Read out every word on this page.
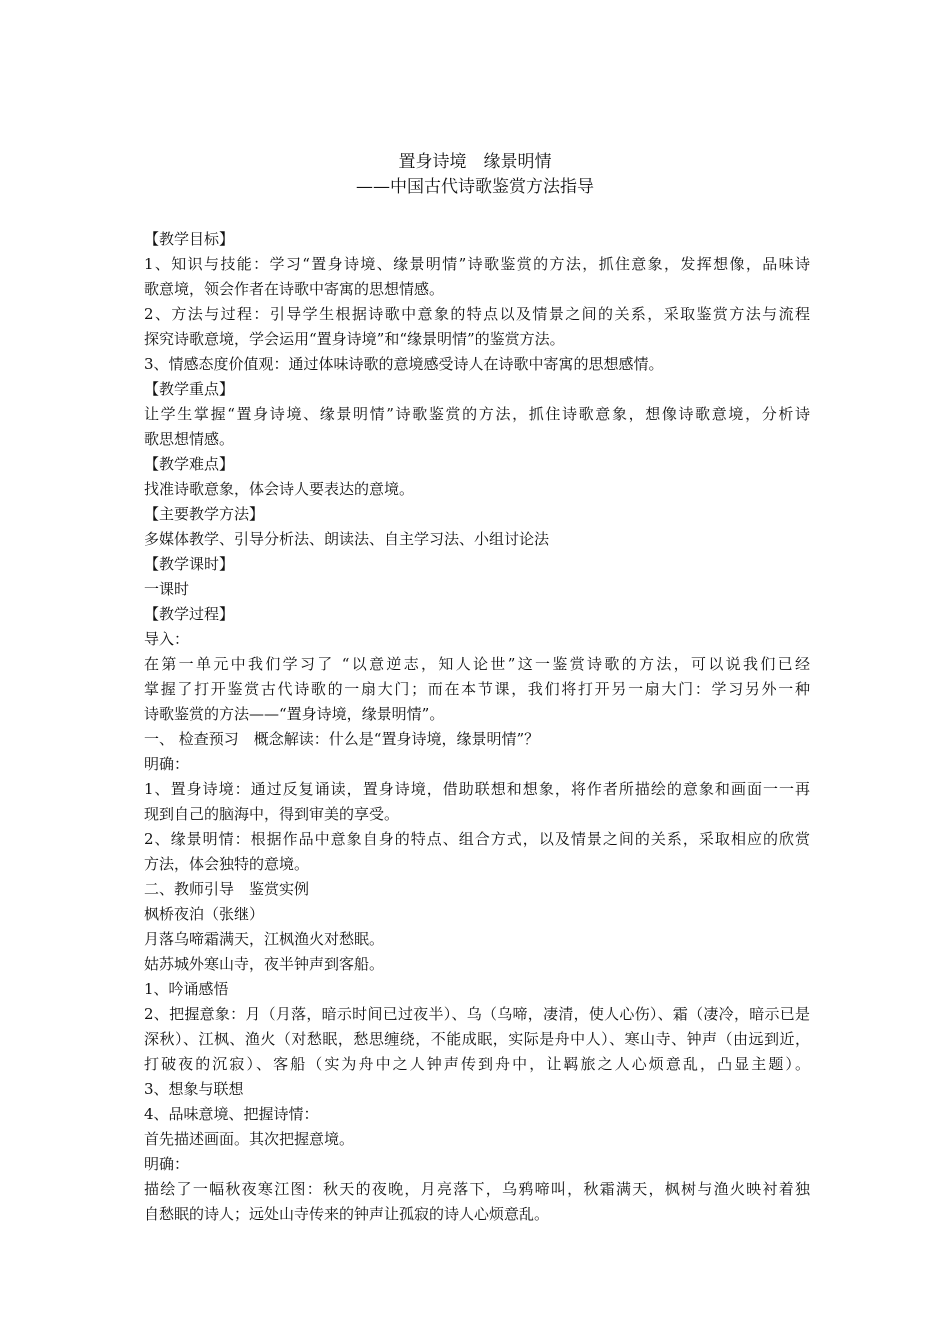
置身诗境　缘景明情
——中国古代诗歌鉴赏方法指导
【教学目标】
1、知识与技能：学习“置身诗境、缘景明情”诗歌鉴赏的方法，抓住意象，发挥想像，品味诗
歌意境，领会作者在诗歌中寄寓的思想情感。
2、方法与过程：引导学生根据诗歌中意象的特点以及情景之间的关系，采取鉴赏方法与流程
探究诗歌意境，学会运用“置身诗境”和“缘景明情”的鉴赏方法。
3、情感态度价值观：通过体味诗歌的意境感受诗人在诗歌中寄寓的思想感情。
【教学重点】
让学生掌握“置身诗境、缘景明情”诗歌鉴赏的方法，抓住诗歌意象，想像诗歌意境，分析诗
歌思想情感。
【教学难点】
找准诗歌意象，体会诗人要表达的意境。
【主要教学方法】
多媒体教学、引导分析法、朗读法、自主学习法、小组讨论法
【教学课时】
一课时
【教学过程】
导入：
在第一单元中我们学习了 “以意逆志，知人论世”这一鉴赏诗歌的方法，可以说我们已经
掌握了打开鉴赏古代诗歌的一扇大门；而在本节课，我们将打开另一扇大门：学习另外一种
诗歌鉴赏的方法——“置身诗境，缘景明情”。
一、 检查预习　概念解读：什么是“置身诗境，缘景明情”？
明确：
1、置身诗境：通过反复诵读，置身诗境，借助联想和想象，将作者所描绘的意象和画面一一再
现到自己的脑海中，得到审美的享受。
2、缘景明情：根据作品中意象自身的特点、组合方式，以及情景之间的关系，采取相应的欣赏
方法，体会独特的意境。
二、教师引导　鉴赏实例
枫桥夜泊（张继）
月落乌啼霜满天，江枫渔火对愁眠。
姑苏城外寒山寺，夜半钟声到客船。
1、吟诵感悟
2、把握意象：月（月落，暗示时间已过夜半）、乌（乌啼，凄清，使人心伤）、霜（凄冷，暗示已是
深秋）、江枫、渔火（对愁眠，愁思缠绕，不能成眠，实际是舟中人）、寒山寺、钟声（由远到近，
打破夜的沉寂）、客船（实为舟中之人钟声传到舟中，让羁旅之人心烦意乱，凸显主题）。
3、想象与联想
4、品味意境、把握诗情：
首先描述画面。其次把握意境。
明确：
描绘了一幅秋夜寒江图：秋天的夜晚，月亮落下，乌鸦啼叫，秋霜满天，枫树与渔火映衬着独
自愁眠的诗人；远处山寺传来的钟声让孤寂的诗人心烦意乱。
